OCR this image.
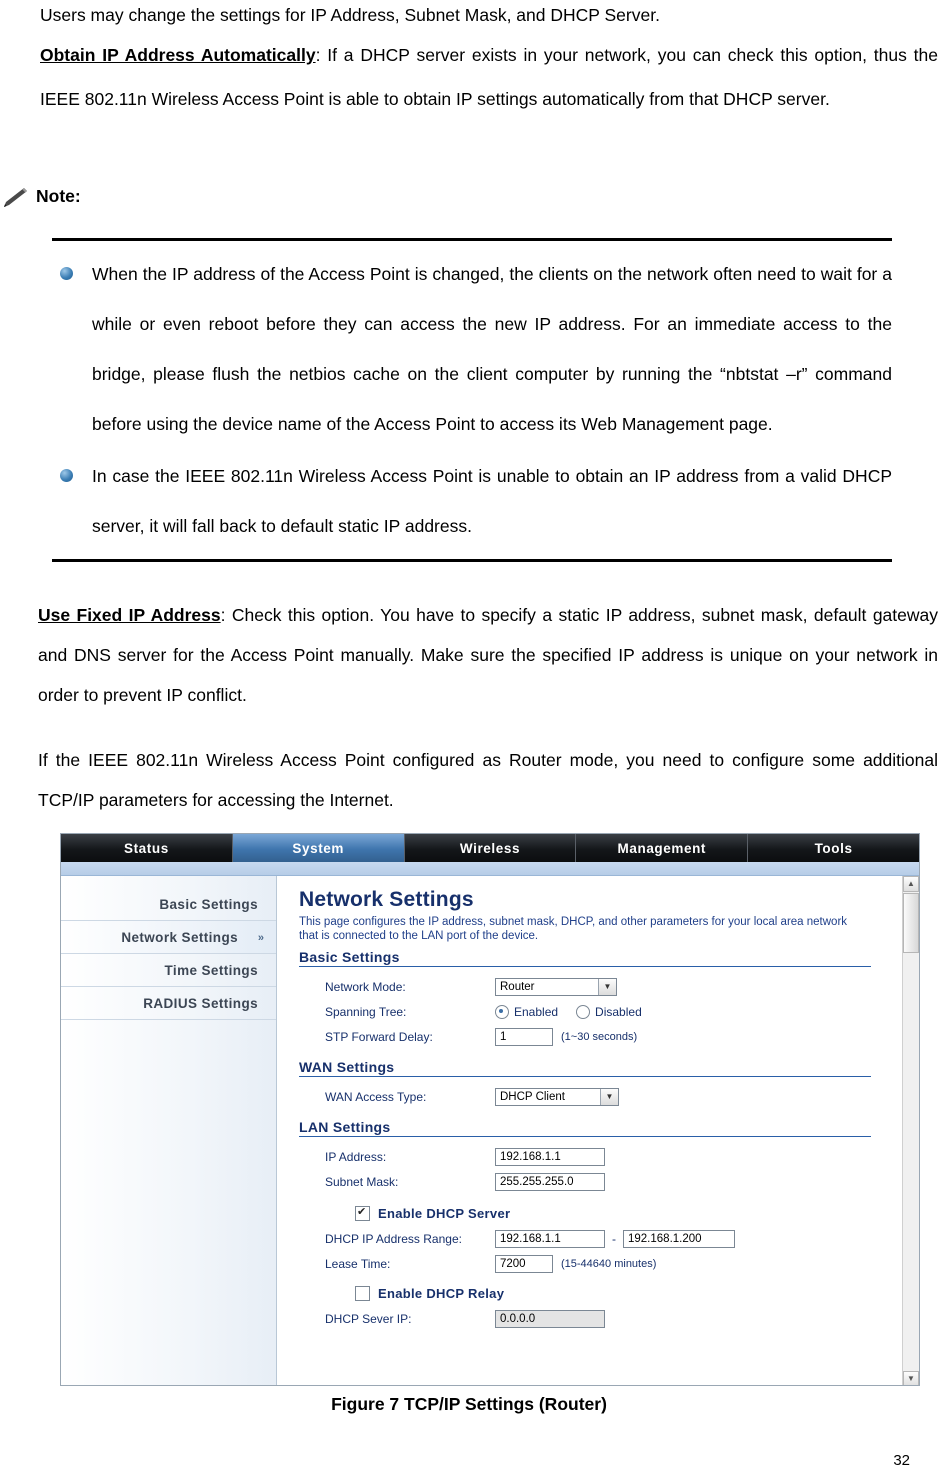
Users may change the settings for IP Address, Subnet Mask, and DHCP Server.
Obtain IP Address Automatically: If a DHCP server exists in your network, you can check this option, thus the IEEE 802.11n Wireless Access Point is able to obtain IP settings automatically from that DHCP server.
Note:
When the IP address of the Access Point is changed, the clients on the network often need to wait for a while or even reboot before they can access the new IP address. For an immediate access to the bridge, please flush the netbios cache on the client computer by running the “nbtstat –r” command before using the device name of the Access Point to access its Web Management page.
In case the IEEE 802.11n Wireless Access Point is unable to obtain an IP address from a valid DHCP server, it will fall back to default static IP address.
Use Fixed IP Address: Check this option. You have to specify a static IP address, subnet mask, default gateway and DNS server for the Access Point manually. Make sure the specified IP address is unique on your network in order to prevent IP conflict.
If the IEEE 802.11n Wireless Access Point configured as Router mode, you need to configure some additional TCP/IP parameters for accessing the Internet.
Status	System	Wireless	Management	Tools
Basic Settings
Network Settings »
Time Settings
RADIUS Settings
Network Settings
This page configures the IP address, subnet mask, DHCP, and other parameters for your local area network that is connected to the LAN port of the device.
Basic Settings
Network Mode:	Router	▼
Spanning Tree:	Enabled	Disabled
STP Forward Delay:	1	(1~30 seconds)
WAN Settings
WAN Access Type:	DHCP Client	▼
LAN Settings
IP Address:	192.168.1.1
Subnet Mask:	255.255.255.0
✔
Enable DHCP Server
DHCP IP Address Range:	192.168.1.1	- 192.168.1.200
Lease Time:	7200	(15-44640 minutes)
Enable DHCP Relay
DHCP Sever IP:	0.0.0.0
▲
▼
Figure 7 TCP/IP Settings (Router)
32
